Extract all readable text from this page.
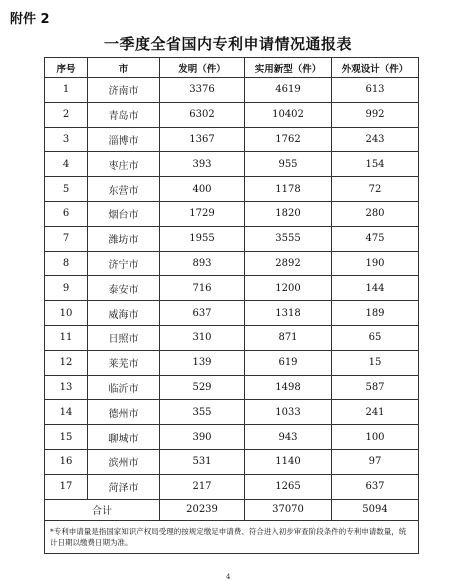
附件 2
一季度全省国内专利申请情况通报表
序号	市	发明（件）	实用新型（件）	外观设计（件）
1	济南市	3376	4619	613
2	青岛市	6302	10402	992
3	淄博市	1367	1762	243
4	枣庄市	393	955	154
5	东营市	400	1178	72
6	烟台市	1729	1820	280
7	潍坊市	1955	3555	475
8	济宁市	893	2892	190
9	泰安市	716	1200	144
10	威海市	637	1318	189
11	日照市	310	871	65
12	莱芜市	139	619	15
13	临沂市	529	1498	587
14	德州市	355	1033	241
15	聊城市	390	943	100
16	滨州市	531	1140	97
17	菏泽市	217	1265	637
合计		20239	37070	5094
*专利申请量是指国家知识产权局受理的按规定缴足申请费、符合进入初步审查阶段条件的专利申请数量，统计日期以缴费日期为准。				
4
